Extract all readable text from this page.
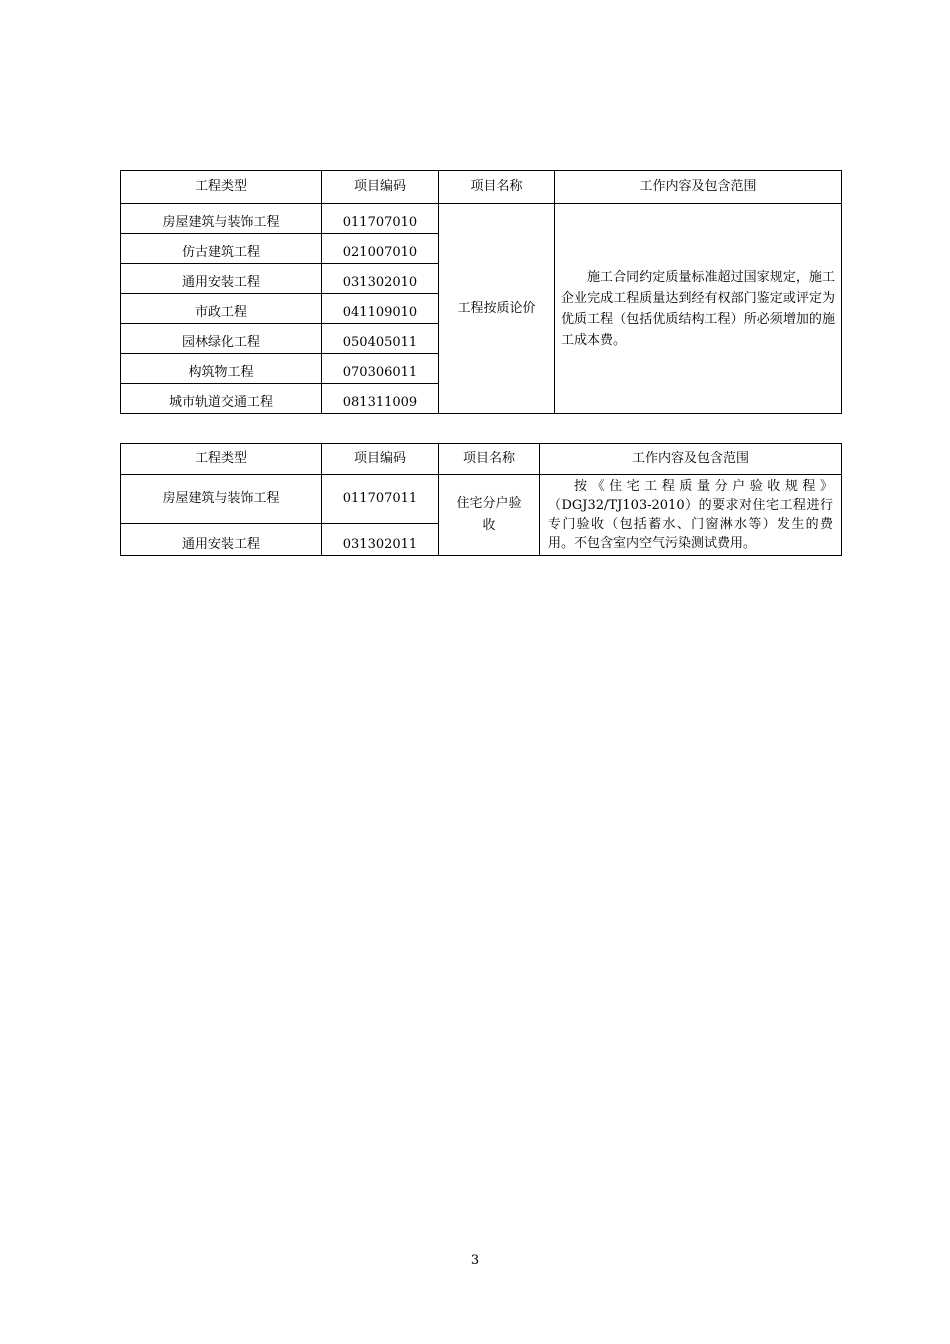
工程类型	项目编码	项目名称	工作内容及包含范围
房屋建筑与装饰工程	011707010	工程按质论价	施工合同约定质量标准超过国家规定，施工企业完成工程质量达到经有权部门鉴定或评定为优质工程（包括优质结构工程）所必须增加的施工成本费。

仿古建筑工程	021007010		
通用安装工程	031302010		
市政工程	041109010		
园林绿化工程	050405011		
构筑物工程	070306011		
城市轨道交通工程	081311009		
工程类型	项目编码	项目名称	工作内容及包含范围
房屋建筑与装饰工程	011707011	住宅分户验收	按《住宅工程质量分户验收规程》（DGJ32/TJ103-2010）的要求对住宅工程进行专门验收（包括蓄水、门窗淋水等）发生的费用。不包含室内空气污染测试费用。

通用安装工程	031302011		
3
